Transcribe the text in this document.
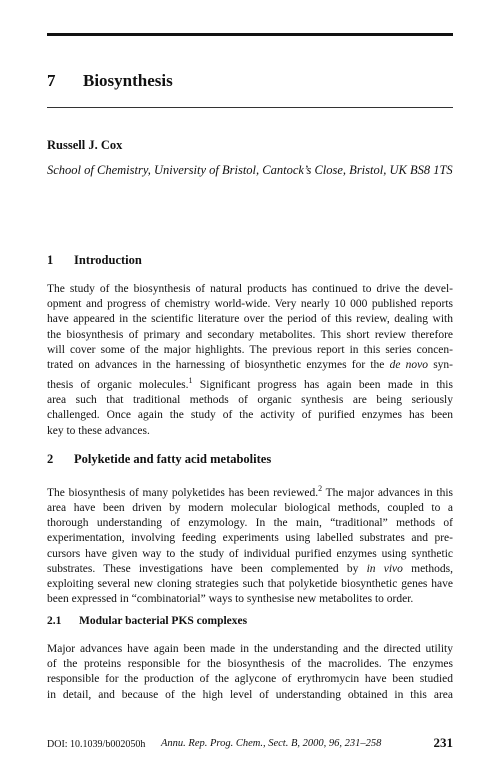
7 Biosynthesis
Russell J. Cox
School of Chemistry, University of Bristol, Cantock’s Close, Bristol, UK BS8 1TS
1 Introduction
The study of the biosynthesis of natural products has continued to drive the devel-
opment and progress of chemistry world-wide. Very nearly 10 000 published reports
have appeared in the scientific literature over the period of this review, dealing with
the biosynthesis of primary and secondary metabolites. This short review therefore
will cover some of the major highlights. The previous report in this series concen-
trated on advances in the harnessing of biosynthetic enzymes for the de novo syn-
thesis of organic molecules.$^1$ Significant progress has again been made in this
area such that traditional methods of organic synthesis are being seriously
challenged. Once again the study of the activity of purified enzymes has been
key to these advances.
2 Polyketide and fatty acid metabolites
The biosynthesis of many polyketides has been reviewed.$^2$ The major advances in this
area have been driven by modern molecular biological methods, coupled to a
thorough understanding of enzymology. In the main, “traditional” methods of
experimentation, involving feeding experiments using labelled substrates and pre-
cursors have given way to the study of individual purified enzymes using synthetic
substrates. These investigations have been complemented by in vivo methods,
exploiting several new cloning strategies such that polyketide biosynthetic genes have
been expressed in “combinatorial” ways to synthesise new metabolites to order.
2.1 Modular bacterial PKS complexes
Major advances have again been made in the understanding and the directed utility
of the proteins responsible for the biosynthesis of the macrolides. The enzymes
responsible for the production of the aglycone of erythromycin have been studied
in detail, and because of the high level of understanding obtained in this area
DOI: 10.1039/b002050h Annu. Rep. Prog. Chem., Sect. B, 2000, 96, 231–258	231
